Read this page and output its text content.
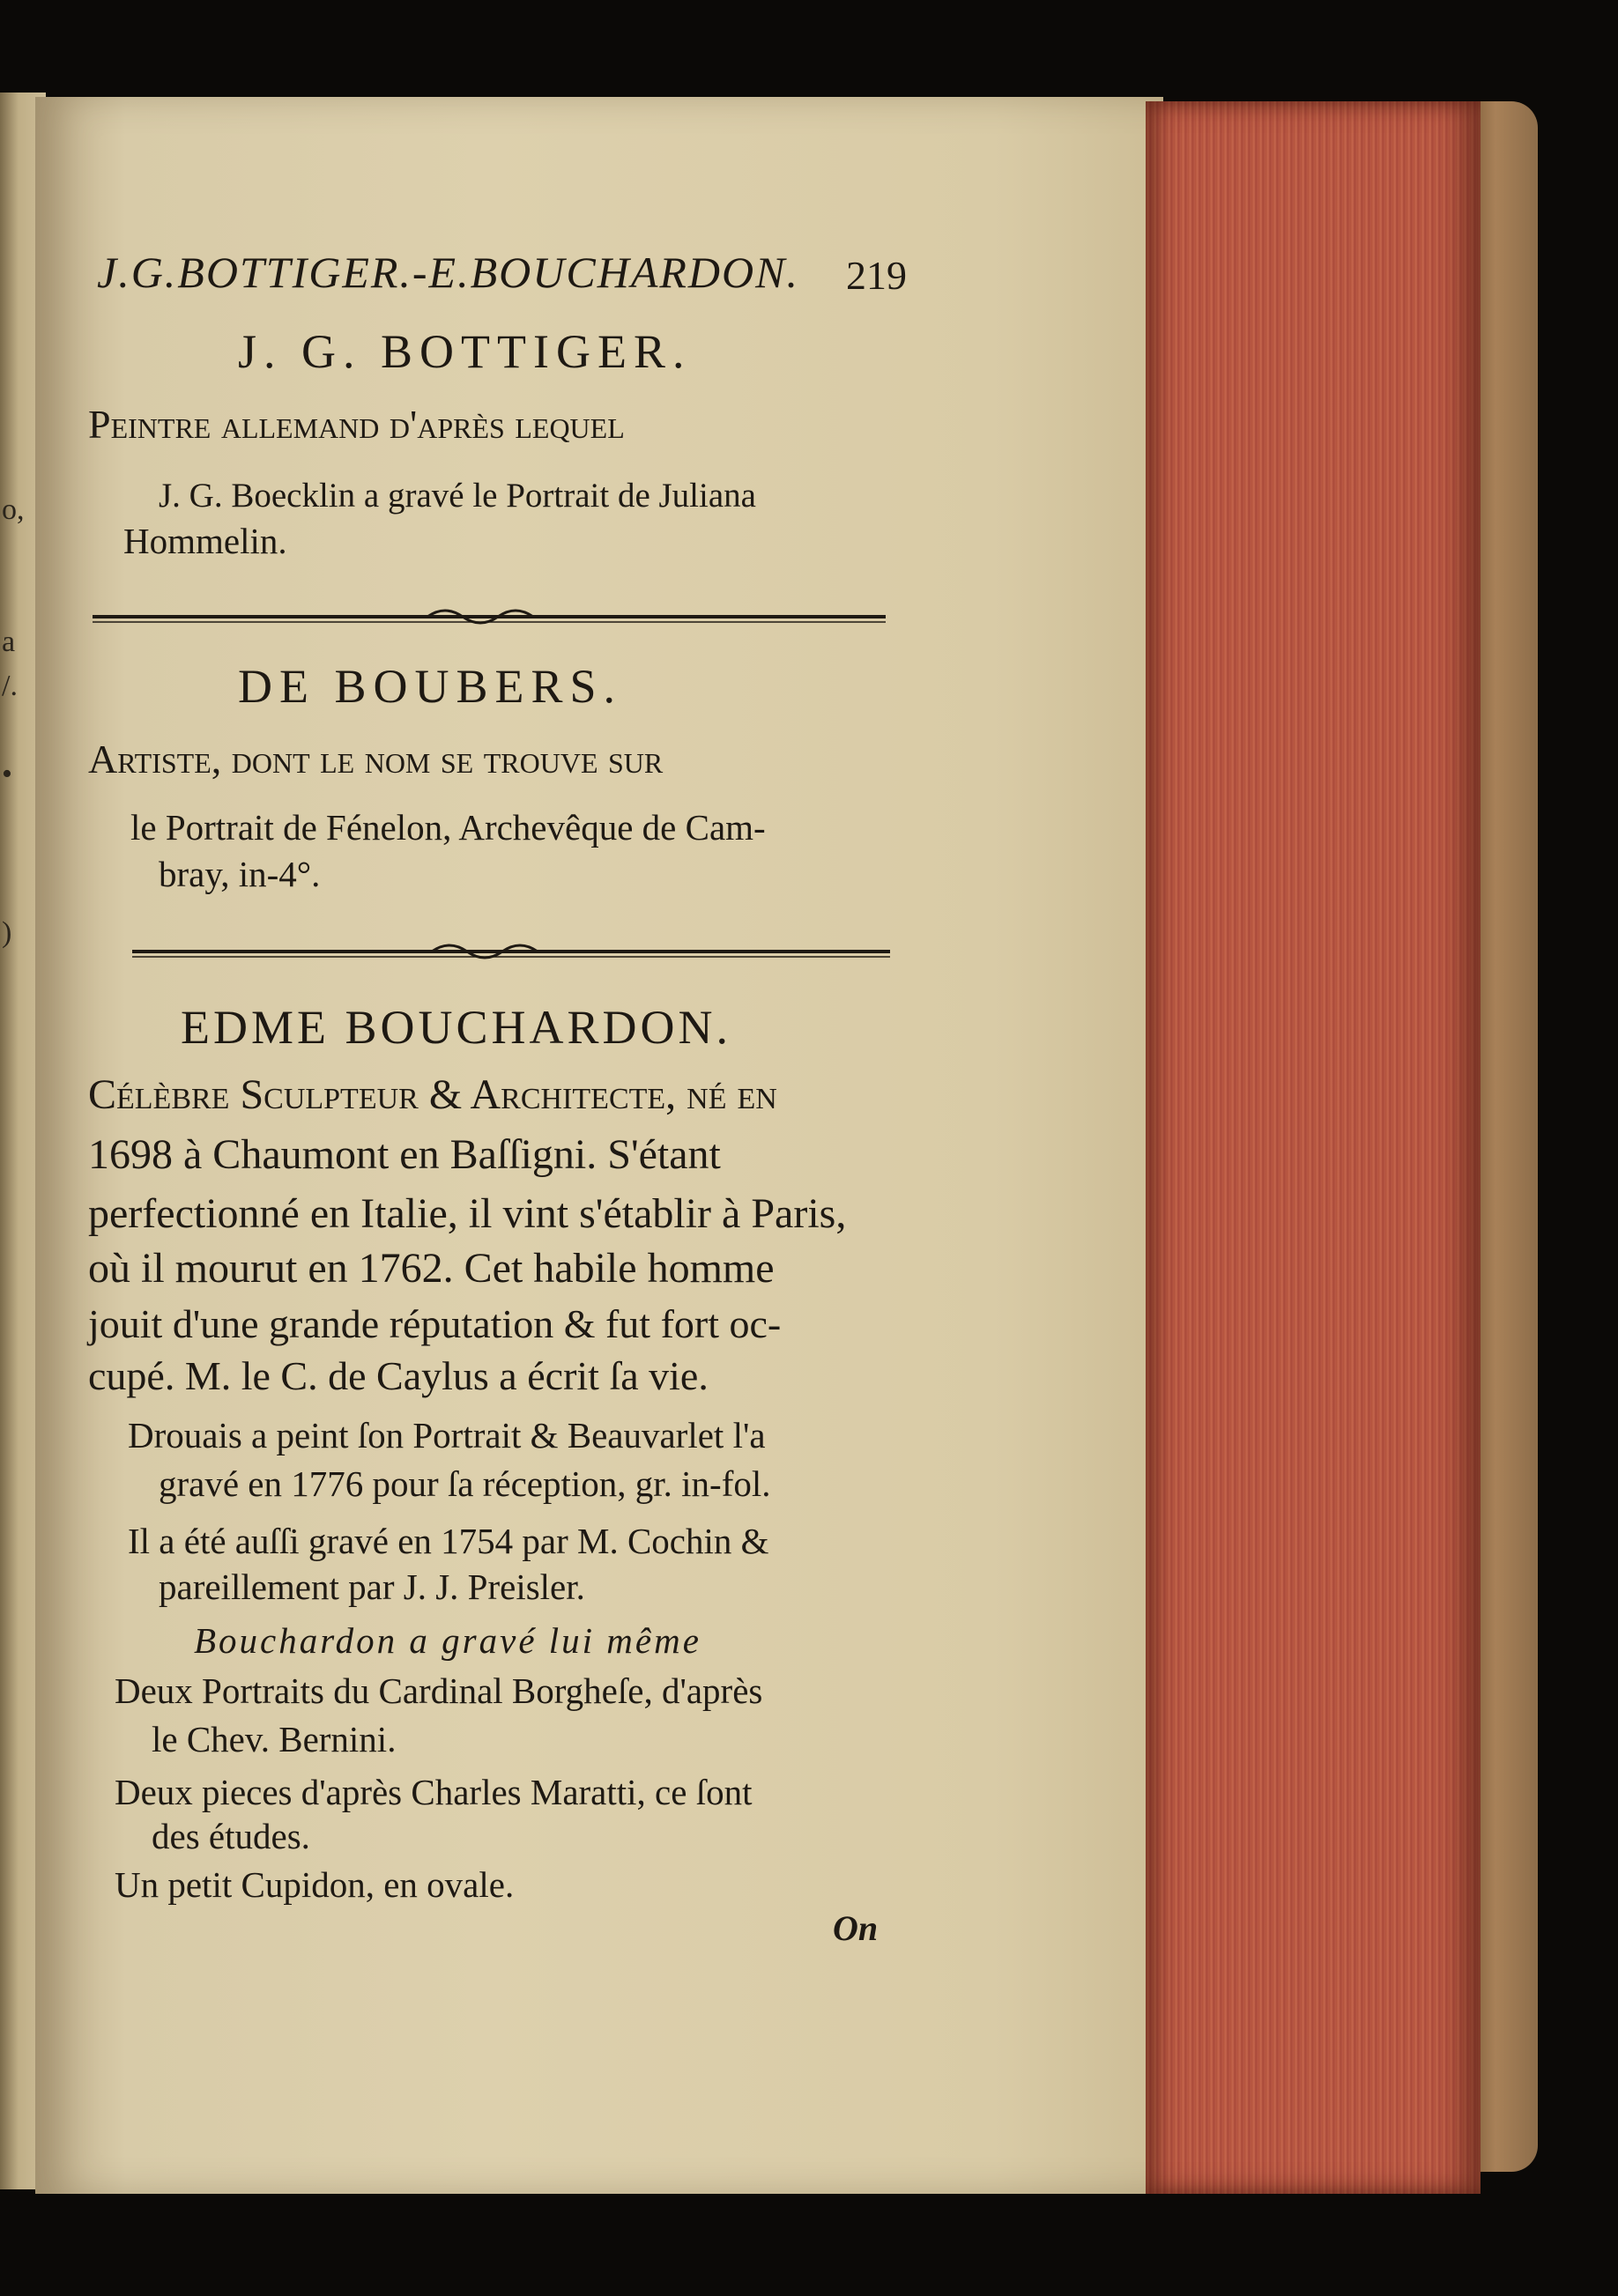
o,
a
/.
•
)
J.G.BOTTIGER.-E.BOUCHARDON. 219
J. G. BOTTIGER.
Peintre allemand d'après lequel
J. G. Boecklin a gravé le Portrait de Juliana
Hommelin.
DE BOUBERS.
Artiste, dont le nom ſe trouve ſur
le Portrait de Fénelon, Archevêque de Cam-
bray, in-4°.
EDME BOUCHARDON.
Célèbre Sculpteur & Architecte, né en
1698 à Chaumont en Baſſigni. S'étant
perfectionné en Italie, il vint s'établir à Paris,
où il mourut en 1762. Cet habile homme
jouit d'une grande réputation & fut fort oc-
cupé. M. le C. de Caylus a écrit ſa vie.
Drouais a peint ſon Portrait & Beauvarlet l'a
gravé en 1776 pour ſa réception, gr. in-fol.
Il a été auſſi gravé en 1754 par M. Cochin &
pareillement par J. J. Preisler.
Bouchardon a gravé lui même
Deux Portraits du Cardinal Borgheſe, d'après
le Chev. Bernini.
Deux pieces d'après Charles Maratti, ce ſont
des études.
Un petit Cupidon, en ovale.
On
